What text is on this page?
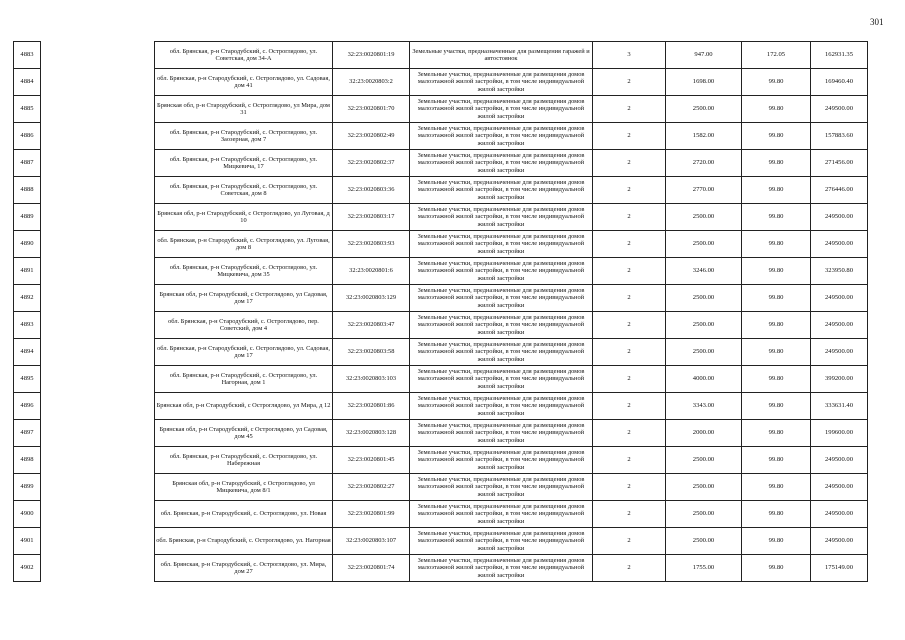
301
4883		обл. Брянская, р-н Стародубский, с. Остроглядово, ул. Советская, дом 34-А	32:23:0020801:19	Земельные участки, предназначенные для размещения гаражей и автостоянок	3	947.00	172.05	162931.35
4884		обл. Брянская, р-н Стародубский, с. Остроглядово, ул. Садовая, дом 41	32:23:0020803:2	Земельные участки, предназначенные для размещения домов малоэтажной жилой застройки, в том числе индивидуальной жилой застройки	2	1698.00	99.80	169460.40
4885		Брянская обл, р-н Стародубский, с Остроглядово, ул Мира, дом 31	32:23:0020801:70	Земельные участки, предназначенные для размещения домов малоэтажной жилой застройки, в том числе индивидуальной жилой застройки	2	2500.00	99.80	249500.00
4886		обл. Брянская, р-н Стародубский, с. Остроглядово, ул. Заозерная, дом 7	32:23:0020802:49	Земельные участки, предназначенные для размещения домов малоэтажной жилой застройки, в том числе индивидуальной жилой застройки	2	1582.00	99.80	157883.60
4887		обл. Брянская, р-н Стародубский, с. Остроглядово, ул. Мицкевича, 17	32:23:0020802:37	Земельные участки, предназначенные для размещения домов малоэтажной жилой застройки, в том числе индивидуальной жилой застройки	2	2720.00	99.80	271456.00
4888		обл. Брянская, р-н Стародубский, с. Остроглядово, ул. Советская, дом 8	32:23:0020803:36	Земельные участки, предназначенные для размещения домов малоэтажной жилой застройки, в том числе индивидуальной жилой застройки	2	2770.00	99.80	276446.00
4889		Брянская обл, р-н Стародубский, с Остроглядово, ул Луговая, д 10	32:23:0020803:17	Земельные участки, предназначенные для размещения домов малоэтажной жилой застройки, в том числе индивидуальной жилой застройки	2	2500.00	99.80	249500.00
4890		обл. Брянская, р-н Стародубский, с. Остроглядово, ул. Луговая, дом 8	32:23:0020803:93	Земельные участки, предназначенные для размещения домов малоэтажной жилой застройки, в том числе индивидуальной жилой застройки	2	2500.00	99.80	249500.00
4891		обл. Брянская, р-н Стародубский, с. Остроглядово, ул. Мицкевича, дом 35	32:23:0020801:6	Земельные участки, предназначенные для размещения домов малоэтажной жилой застройки, в том числе индивидуальной жилой застройки	2	3246.00	99.80	323950.80
4892		Брянская обл, р-н Стародубский, с Остроглядово, ул Садовая, дом 17	32:23:0020803:129	Земельные участки, предназначенные для размещения домов малоэтажной жилой застройки, в том числе индивидуальной жилой застройки	2	2500.00	99.80	249500.00
4893		обл. Брянская, р-н Стародубский, с. Остроглядово, пер. Советский, дом 4	32:23:0020803:47	Земельные участки, предназначенные для размещения домов малоэтажной жилой застройки, в том числе индивидуальной жилой застройки	2	2500.00	99.80	249500.00
4894		обл. Брянская, р-н Стародубский, с. Остроглядово, ул. Садовая, дом 17	32:23:0020803:58	Земельные участки, предназначенные для размещения домов малоэтажной жилой застройки, в том числе индивидуальной жилой застройки	2	2500.00	99.80	249500.00
4895		обл. Брянская, р-н Стародубский, с. Остроглядово, ул. Нагорная, дом 1	32:23:0020803:103	Земельные участки, предназначенные для размещения домов малоэтажной жилой застройки, в том числе индивидуальной жилой застройки	2	4000.00	99.80	399200.00
4896		Брянская обл, р-н Стародубский, с Остроглядово, ул Мира, д 12	32:23:0020801:86	Земельные участки, предназначенные для размещения домов малоэтажной жилой застройки, в том числе индивидуальной жилой застройки	2	3343.00	99.80	333631.40
4897		Брянская обл, р-н Стародубский, с Остроглядово, ул Садовая, дом 45	32:23:0020803:128	Земельные участки, предназначенные для размещения домов малоэтажной жилой застройки, в том числе индивидуальной жилой застройки	2	2000.00	99.80	199600.00
4898		обл. Брянская, р-н Стародубский, с. Остроглядово, ул. Набережная	32:23:0020801:45	Земельные участки, предназначенные для размещения домов малоэтажной жилой застройки, в том числе индивидуальной жилой застройки	2	2500.00	99.80	249500.00
4899		Брянская обл, р-н Стародубский, с Остроглядово, ул Мицкевича, дом 8/1	32:23:0020802:27	Земельные участки, предназначенные для размещения домов малоэтажной жилой застройки, в том числе индивидуальной жилой застройки	2	2500.00	99.80	249500.00
4900		обл. Брянская, р-н Стародубский, с. Остроглядово, ул. Новая	32:23:0020801:99	Земельные участки, предназначенные для размещения домов малоэтажной жилой застройки, в том числе индивидуальной жилой застройки	2	2500.00	99.80	249500.00
4901		обл. Брянская, р-н Стародубский, с. Остроглядово, ул. Нагорная	32:23:0020803:107	Земельные участки, предназначенные для размещения домов малоэтажной жилой застройки, в том числе индивидуальной жилой застройки	2	2500.00	99.80	249500.00
4902		обл. Брянская, р-н Стародубский, с. Остроглядово, ул. Мира, дом 27	32:23:0020801:74	Земельные участки, предназначенные для размещения домов малоэтажной жилой застройки, в том числе индивидуальной жилой застройки	2	1755.00	99.80	175149.00
